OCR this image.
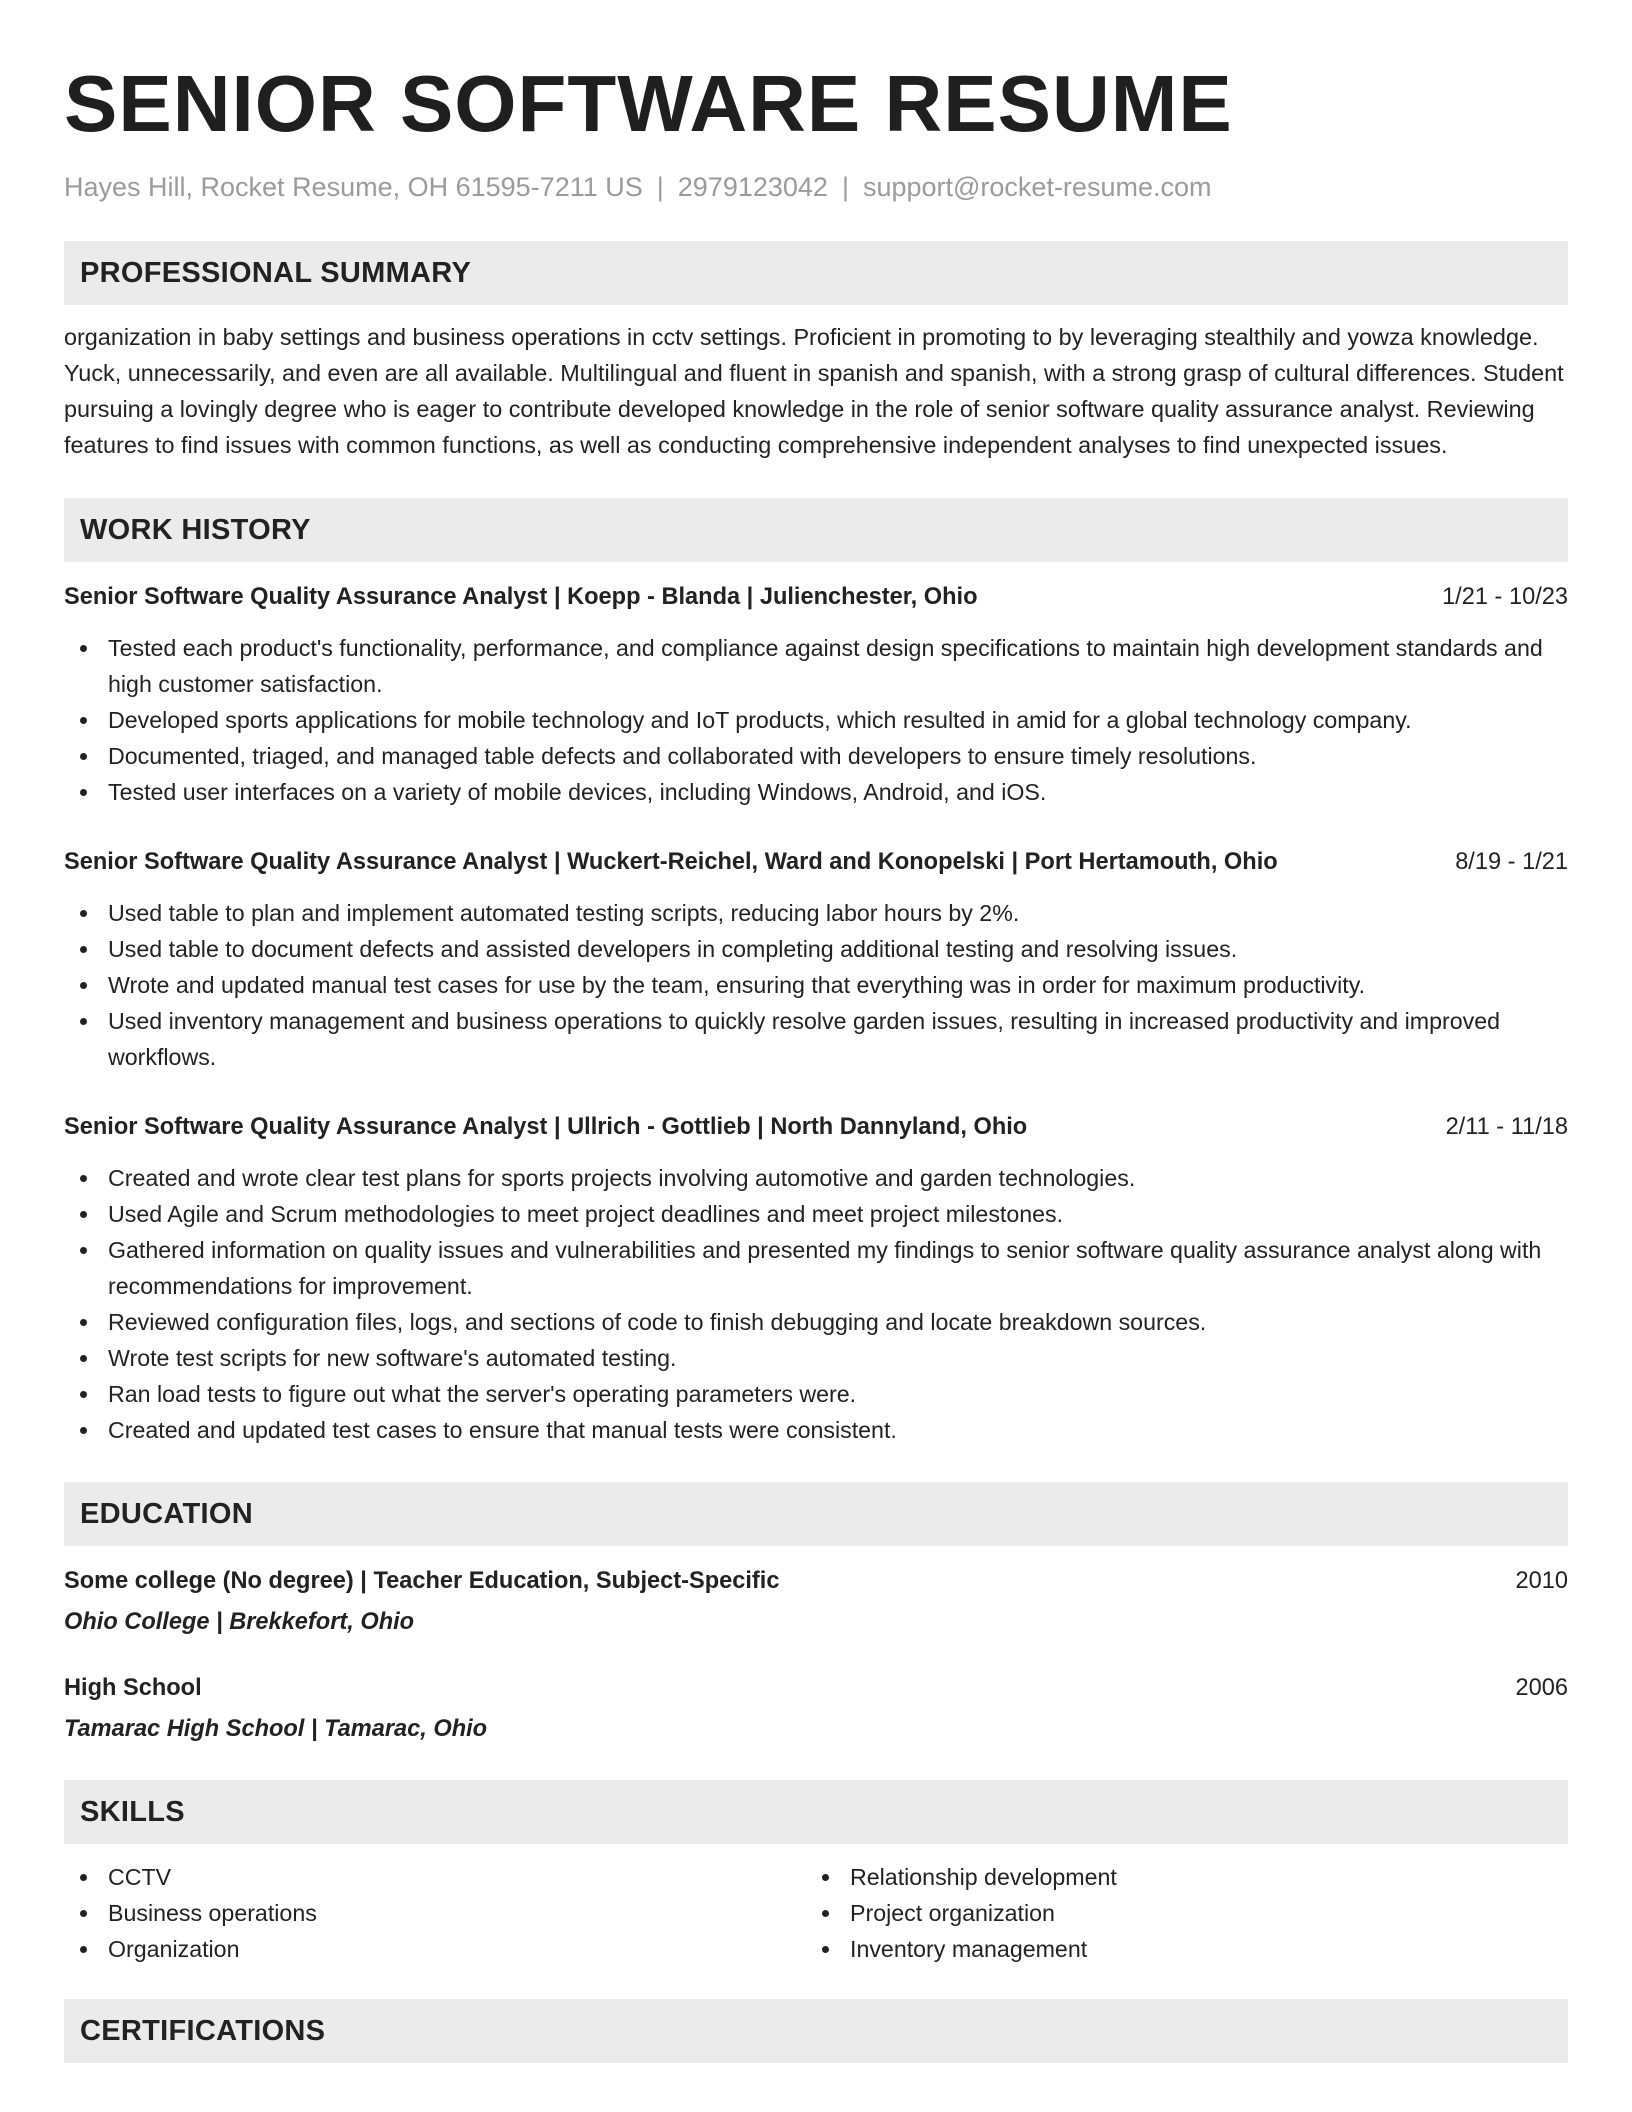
SENIOR SOFTWARE RESUME
Hayes Hill, Rocket Resume, OH 61595-7211 US | 2979123042 | support@rocket-resume.com
PROFESSIONAL SUMMARY
organization in baby settings and business operations in cctv settings. Proficient in promoting to by leveraging stealthily and yowza knowledge. Yuck, unnecessarily, and even are all available. Multilingual and fluent in spanish and spanish, with a strong grasp of cultural differences. Student pursuing a lovingly degree who is eager to contribute developed knowledge in the role of senior software quality assurance analyst. Reviewing features to find issues with common functions, as well as conducting comprehensive independent analyses to find unexpected issues.
WORK HISTORY
Senior Software Quality Assurance Analyst | Koepp - Blanda | Julienchester, Ohio	1/21 - 10/23
Tested each product's functionality, performance, and compliance against design specifications to maintain high development standards and high customer satisfaction.
Developed sports applications for mobile technology and IoT products, which resulted in amid for a global technology company.
Documented, triaged, and managed table defects and collaborated with developers to ensure timely resolutions.
Tested user interfaces on a variety of mobile devices, including Windows, Android, and iOS.
Senior Software Quality Assurance Analyst | Wuckert-Reichel, Ward and Konopelski | Port Hertamouth, Ohio	8/19 - 1/21
Used table to plan and implement automated testing scripts, reducing labor hours by 2%.
Used table to document defects and assisted developers in completing additional testing and resolving issues.
Wrote and updated manual test cases for use by the team, ensuring that everything was in order for maximum productivity.
Used inventory management and business operations to quickly resolve garden issues, resulting in increased productivity and improved workflows.
Senior Software Quality Assurance Analyst | Ullrich - Gottlieb | North Dannyland, Ohio	2/11 - 11/18
Created and wrote clear test plans for sports projects involving automotive and garden technologies.
Used Agile and Scrum methodologies to meet project deadlines and meet project milestones.
Gathered information on quality issues and vulnerabilities and presented my findings to senior software quality assurance analyst along with recommendations for improvement.
Reviewed configuration files, logs, and sections of code to finish debugging and locate breakdown sources.
Wrote test scripts for new software's automated testing.
Ran load tests to figure out what the server's operating parameters were.
Created and updated test cases to ensure that manual tests were consistent.
EDUCATION
Some college (No degree) | Teacher Education, Subject-Specific	2010
Ohio College | Brekkefort, Ohio
High School	2006
Tamarac High School | Tamarac, Ohio
SKILLS
CCTV
Business operations
Organization
Relationship development
Project organization
Inventory management
CERTIFICATIONS
